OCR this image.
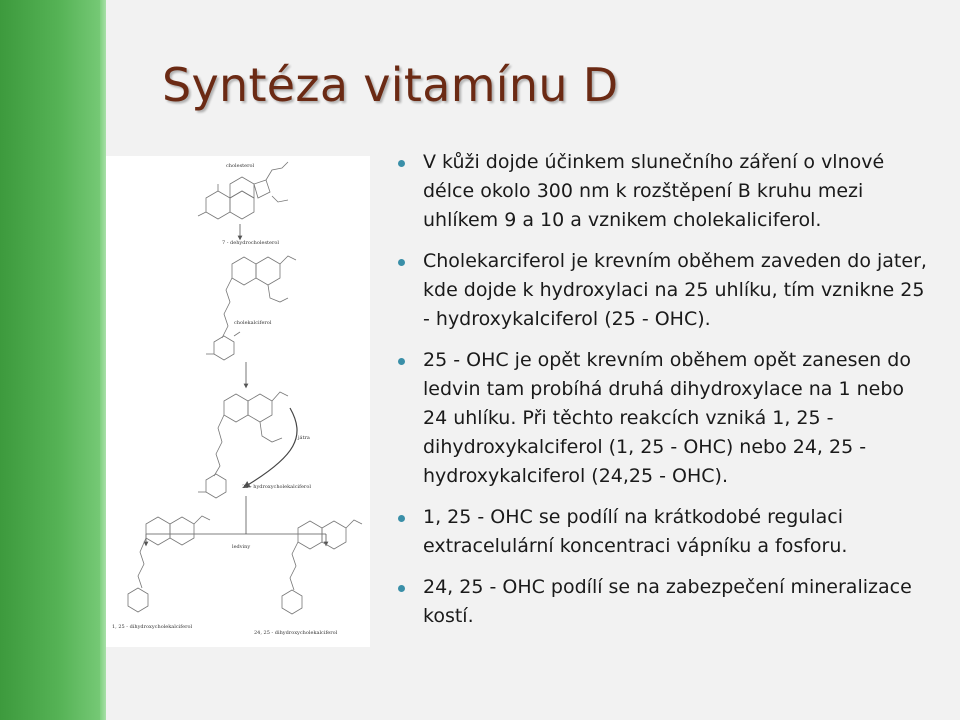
Syntéza vitamínu D
cholesterol
7 - dehydrocholesterol
cholekalciferol
25 - hydroxycholekalciferol
játra
ledviny
1, 25 - dihydroxycholekalciferol
24, 25 - dihydroxycholekalciferol
V kůži dojde účinkem slunečního záření o vlnové délce okolo 300 nm k rozštěpení B kruhu mezi uhlíkem 9 a 10 a vznikem cholekaliciferol.
Cholekarciferol je krevním oběhem zaveden do jater, kde dojde k hydroxylaci na 25 uhlíku, tím vznikne 25 - hydroxykalciferol (25 - OHC).
25 - OHC je opět krevním oběhem opět zanesen do ledvin tam probíhá druhá dihydroxylace na 1 nebo 24 uhlíku. Při těchto reakcích vzniká 1, 25 - dihydroxykalciferol (1, 25 - OHC) nebo 24, 25 - hydroxykalciferol (24,25 - OHC).
1, 25 - OHC se podílí na krátkodobé regulaci extracelulární koncentraci vápníku a fosforu.
24, 25 - OHC podílí se na zabezpečení mineralizace kostí.
